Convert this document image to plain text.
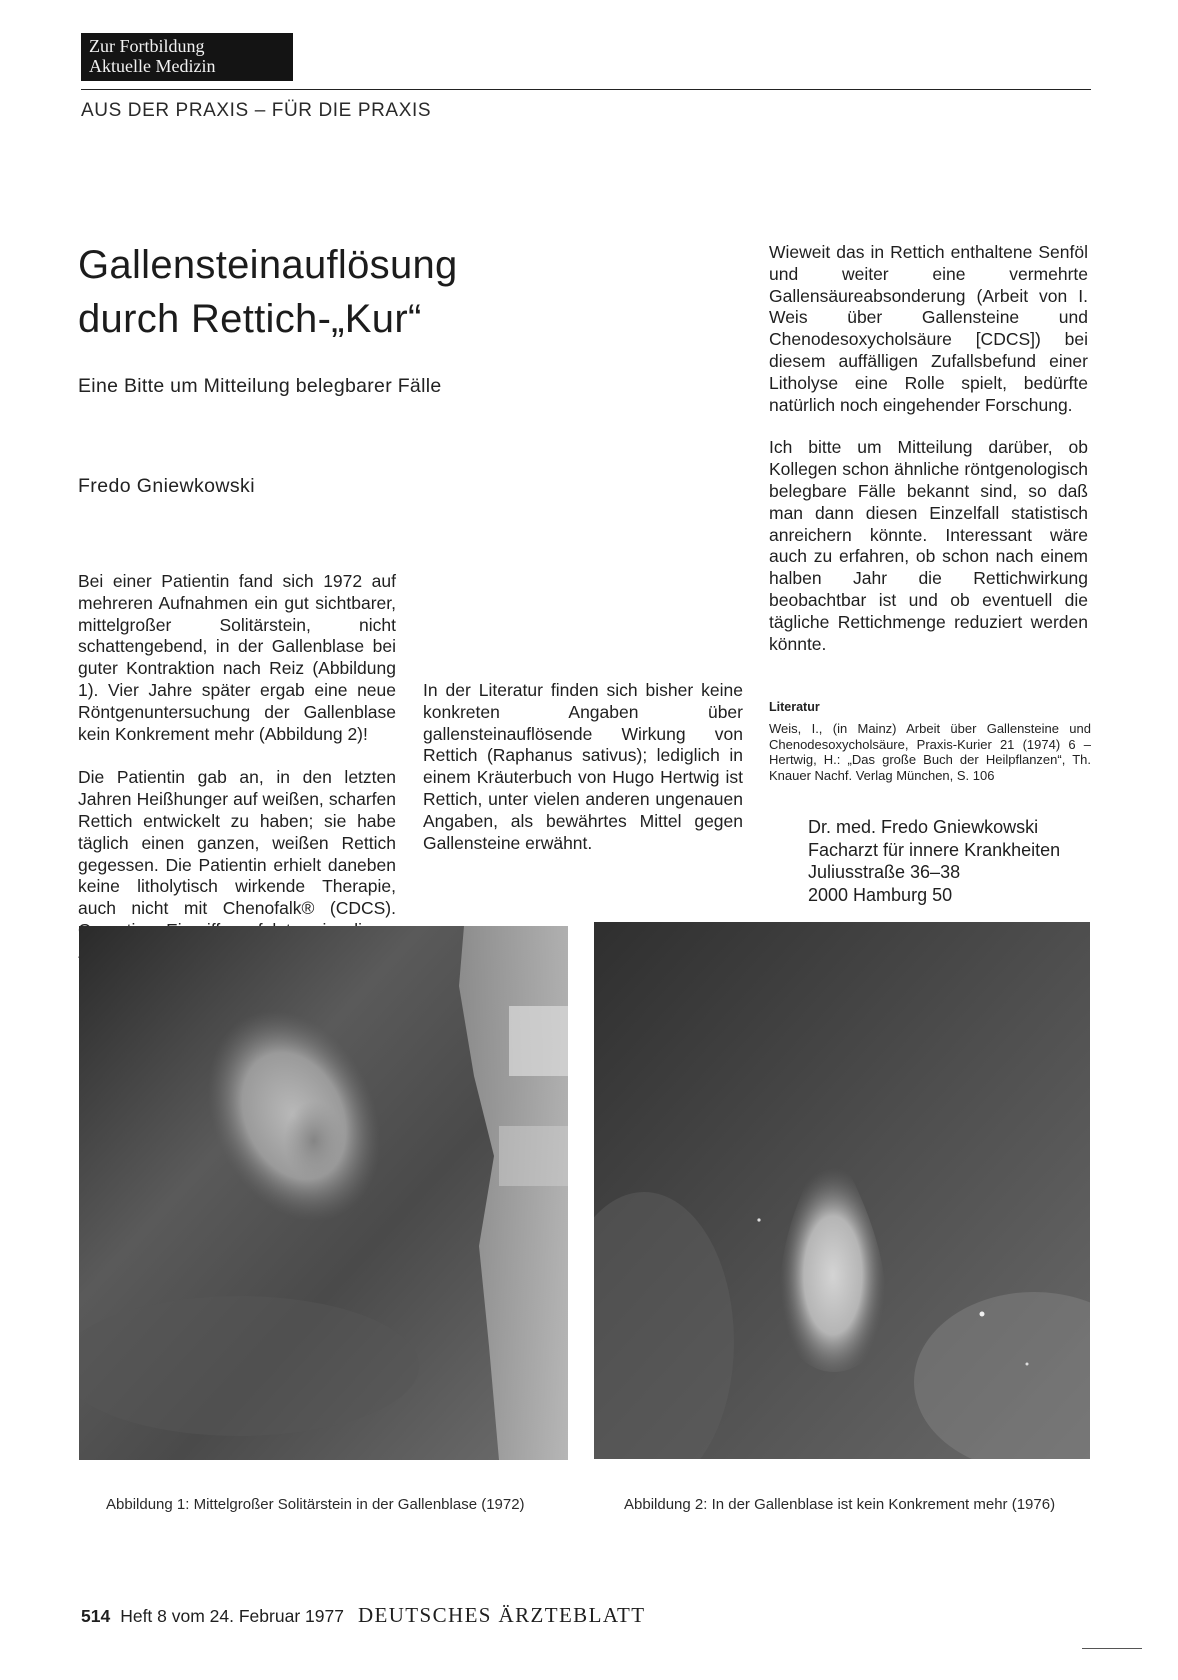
Zur Fortbildung
Aktuelle Medizin
AUS DER PRAXIS – FÜR DIE PRAXIS
Gallensteinauflösung
durch Rettich-„Kur“
Eine Bitte um Mitteilung belegbarer Fälle
Fredo Gniewkowski

Bei einer Patientin fand sich 1972 auf mehreren Aufnahmen ein gut sichtbarer, mittelgroßer Solitärstein, nicht schattengebend, in der Gallenblase bei guter Kontraktion nach Reiz (Abbildung 1). Vier Jahre später ergab eine neue Röntgenuntersuchung der Gallenblase kein Konkrement mehr (Abbildung 2)!

Die Patientin gab an, in den letzten Jahren Heißhunger auf weißen, scharfen Rettich entwickelt zu haben; sie habe täglich einen ganzen, weißen Rettich gegessen. Die Patientin erhielt daneben keine litholytisch wirkende Therapie, auch nicht mit Chenofalk® (CDCS).

In der Literatur finden sich bisher keine konkreten Angaben über gallensteinauflösende Wirkung von Rettich (Raphanus sativus); lediglich in einem Kräuterbuch von Hugo Hertwig ist Rettich, unter vielen anderen ungenauen Angaben, als bewährtes Mittel gegen Gallensteine erwähnt.

Wieweit das in Rettich enthaltene Senföl und weiter eine vermehrte Gallensäureabsonderung (Arbeit von I. Weis über Gallensteine und Chenodesoxycholsäure [CDCS]) bei diesem auffälligen Zufallsbefund einer Litholyse eine Rolle spielt, bedürfte natürlich noch eingehender Forschung.

Ich bitte um Mitteilung darüber, ob Kollegen schon ähnliche röntgenologisch belegbare Fälle bekannt sind, so daß man dann diesen Einzelfall statistisch anreichern könnte. Interessant wäre auch zu erfahren, ob schon nach einem halben Jahr die Rettichwirkung beobachtbar ist und ob eventuell die tägliche Rettichmenge reduziert werden könnte.

Literatur
Weis, I., (in Mainz) Arbeit über Gallensteine und Chenodesoxycholsäure, Praxis-Kurier 21 (1974) 6 – Hertwig, H.: „Das große Buch der Heilpflanzen“, Th. Knauer Nachf. Verlag München, S. 106
Dr. med. Fredo Gniewkowski
Facharzt für innere Krankheiten
Juliusstraße 36–38
2000 Hamburg 50
Abbildung 1: Mittelgroßer Solitärstein in der Gallenblase (1972)	Abbildung 2: In der Gallenblase ist kein Konkrement mehr (1976)
514 Heft 8 vom 24. Februar 1977 DEUTSCHES ÄRZTEBLATT
